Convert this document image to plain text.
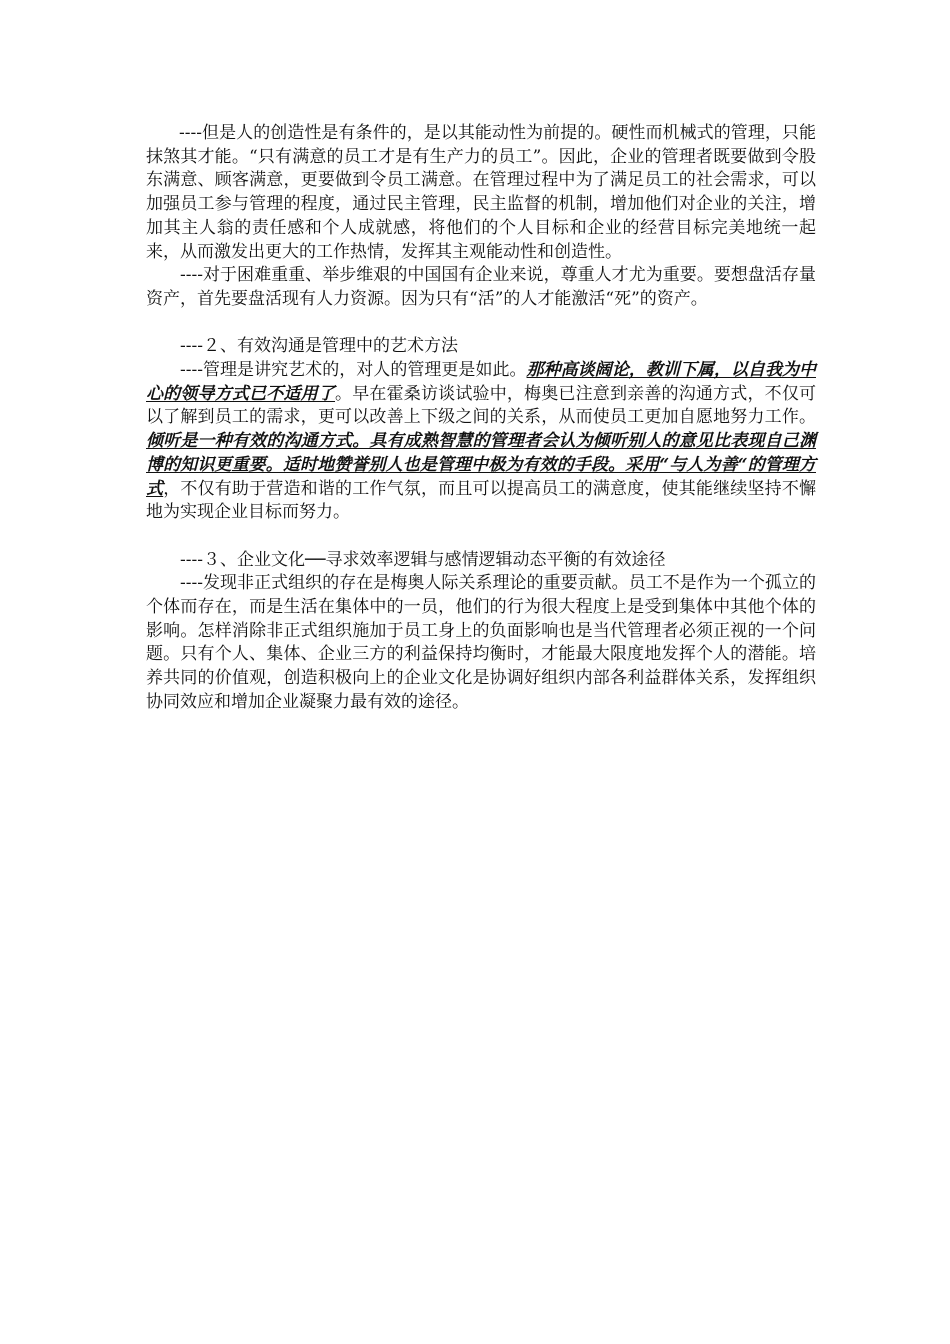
----但是人的创造性是有条件的，是以其能动性为前提的。硬性而机械式的管理，只能抹煞其才能。“只有满意的员工才是有生产力的员工”。因此，企业的管理者既要做到令股东满意、顾客满意，更要做到令员工满意。在管理过程中为了满足员工的社会需求，可以加强员工参与管理的程度，通过民主管理，民主监督的机制，增加他们对企业的关注，增加其主人翁的责任感和个人成就感，将他们的个人目标和企业的经营目标完美地统一起来，从而激发出更大的工作热情，发挥其主观能动性和创造性。

----对于困难重重、举步维艰的中国国有企业来说，尊重人才尤为重要。要想盘活存量资产，首先要盘活现有人力资源。因为只有“活”的人才能激活“死”的资产。

----２、有效沟通是管理中的艺术方法

----管理是讲究艺术的，对人的管理更是如此。那种高谈阔论，教训下属，以自我为中心的领导方式已不适用了。早在霍桑访谈试验中，梅奥已注意到亲善的沟通方式，不仅可以了解到员工的需求，更可以改善上下级之间的关系，从而使员工更加自愿地努力工作。倾听是一种有效的沟通方式。具有成熟智慧的管理者会认为倾听别人的意见比表现自己渊博的知识更重要。适时地赞誉别人也是管理中极为有效的手段。采用“与人为善“的管理方式，不仅有助于营造和谐的工作气氛，而且可以提高员工的满意度，使其能继续坚持不懈地为实现企业目标而努力。

----３、企业文化──寻求效率逻辑与感情逻辑动态平衡的有效途径

----发现非正式组织的存在是梅奥人际关系理论的重要贡献。员工不是作为一个孤立的个体而存在，而是生活在集体中的一员，他们的行为很大程度上是受到集体中其他个体的影响。怎样消除非正式组织施加于员工身上的负面影响也是当代管理者必须正视的一个问题。只有个人、集体、企业三方的利益保持均衡时，才能最大限度地发挥个人的潜能。培养共同的价值观，创造积极向上的企业文化是协调好组织内部各利益群体关系，发挥组织协同效应和增加企业凝聚力最有效的途径。
